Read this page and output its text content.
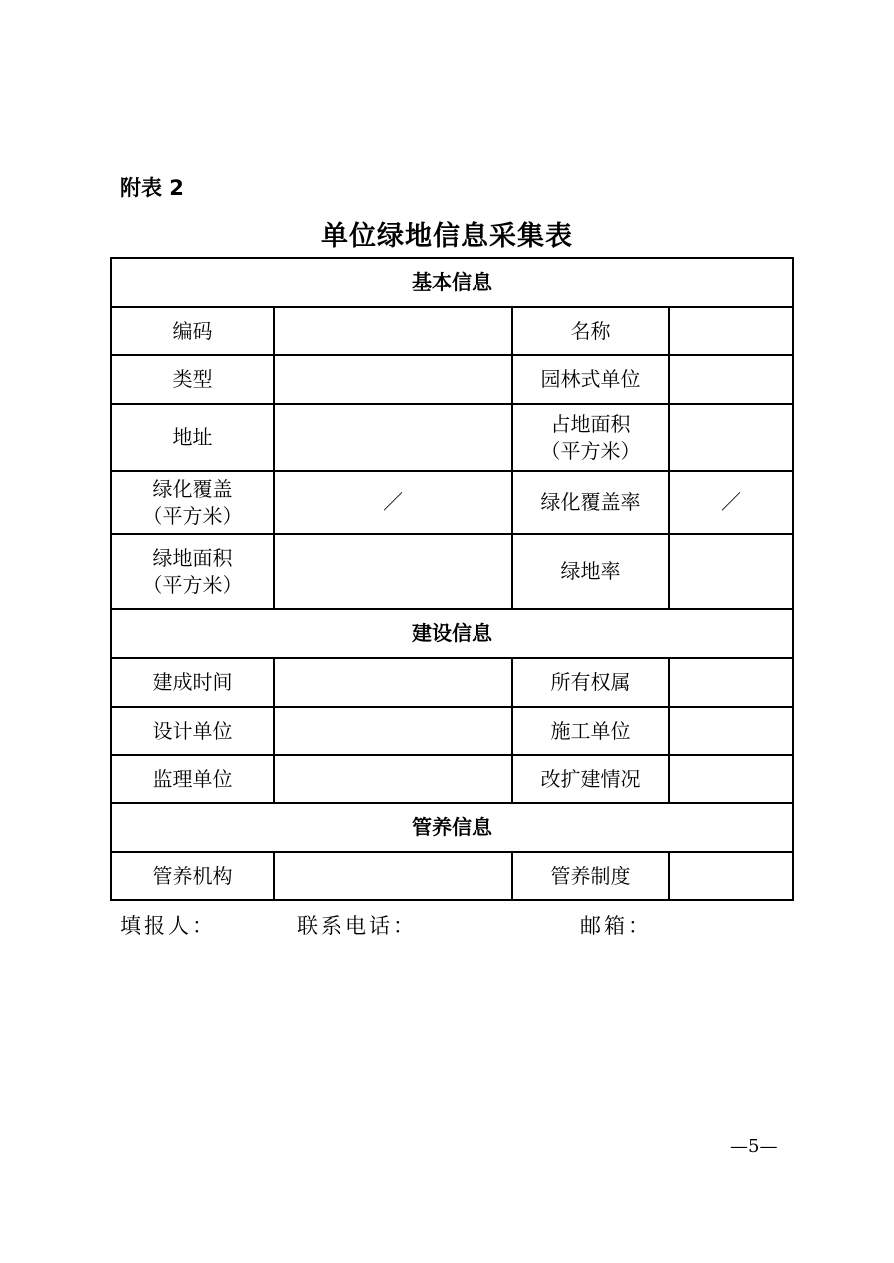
附表 2
单位绿地信息采集表
基本信息			
编码		名称	
类型		园林式单位	
地址		占地面积
（平方米）	

绿化覆盖
（平方米）	／	绿化覆盖率	／

绿地面积
（平方米）		绿地率	
建设信息			
建成时间		所有权属	
设计单位		施工单位	
监理单位		改扩建情况	
管养信息			
管养机构		管养制度	
填报人：	联系电话：	邮箱：
—5—
